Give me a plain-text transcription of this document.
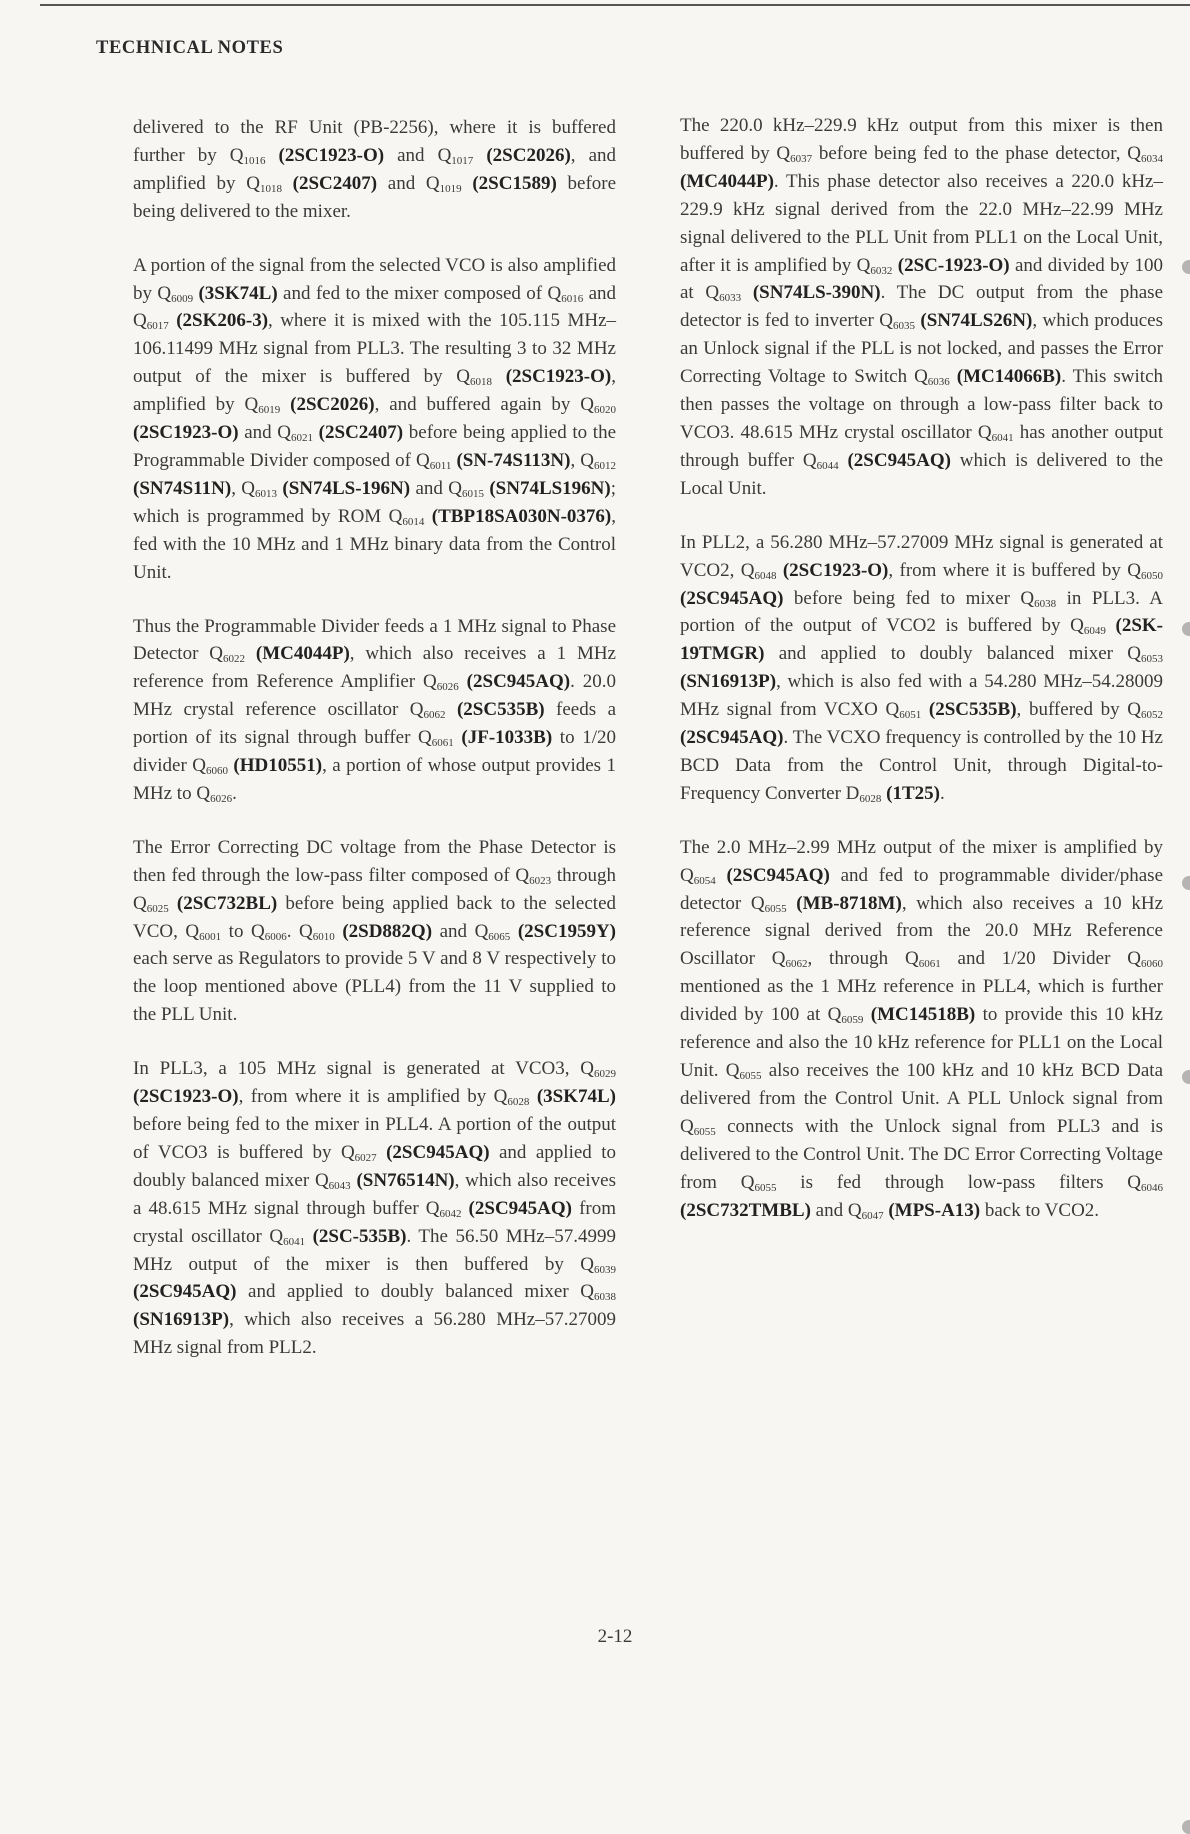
TECHNICAL NOTES

delivered to the RF Unit (PB-2256), where it is buffered further by $Q_{1016}$ (2SC1923-O) and $Q_{1017}$ (2SC2026), and amplified by $Q_{1018}$ (2SC2407) and $Q_{1019}$ (2SC1589) before being delivered to the mixer.

A portion of the signal from the selected VCO is also amplified by $Q_{6009}$ (3SK74L) and fed to the mixer composed of $Q_{6016}$ and $Q_{6017}$ (2SK206-3), where it is mixed with the 105.115 MHz–106.11499 MHz signal from PLL3. The resulting 3 to 32 MHz output of the mixer is buffered by $Q_{6018}$ (2SC1923-O), amplified by $Q_{6019}$ (2SC2026), and buffered again by $Q_{6020}$ (2SC1923-O) and $Q_{6021}$ (2SC2407) before being applied to the Programmable Divider composed of $Q_{6011}$ (SN-74S113N), $Q_{6012}$ (SN74S11N), $Q_{6013}$ (SN74LS-196N) and $Q_{6015}$ (SN74LS196N); which is programmed by ROM $Q_{6014}$ (TBP18SA030N-0376), fed with the 10 MHz and 1 MHz binary data from the Control Unit.

Thus the Programmable Divider feeds a 1 MHz signal to Phase Detector $Q_{6022}$ (MC4044P), which also receives a 1 MHz reference from Reference Amplifier $Q_{6026}$ (2SC945AQ). 20.0 MHz crystal reference oscillator $Q_{6062}$ (2SC535B) feeds a portion of its signal through buffer $Q_{6061}$ (JF-1033B) to 1/20 divider $Q_{6060}$ (HD10551), a portion of whose output provides 1 MHz to $Q_{6026}$.

The Error Correcting DC voltage from the Phase Detector is then fed through the low-pass filter composed of $Q_{6023}$ through $Q_{6025}$ (2SC732BL) before being applied back to the selected VCO, $Q_{6001}$ to $Q_{6006}$. $Q_{6010}$ (2SD882Q) and $Q_{6065}$ (2SC1959Y) each serve as Regulators to provide 5 V and 8 V respectively to the loop mentioned above (PLL4) from the 11 V supplied to the PLL Unit.

In PLL3, a 105 MHz signal is generated at VCO3, $Q_{6029}$ (2SC1923-O), from where it is amplified by $Q_{6028}$ (3SK74L) before being fed to the mixer in PLL4. A portion of the output of VCO3 is buffered by $Q_{6027}$ (2SC945AQ) and applied to doubly balanced mixer $Q_{6043}$ (SN76514N), which also receives a 48.615 MHz signal through buffer $Q_{6042}$ (2SC945AQ) from crystal oscillator $Q_{6041}$ (2SC-535B). The 56.50 MHz–57.4999 MHz output of the mixer is then buffered by $Q_{6039}$ (2SC945AQ) and applied to doubly balanced mixer $Q_{6038}$ (SN16913P), which also receives a 56.280 MHz–57.27009 MHz signal from PLL2.

The 220.0 kHz–229.9 kHz output from this mixer is then buffered by $Q_{6037}$ before being fed to the phase detector, $Q_{6034}$ (MC4044P). This phase detector also receives a 220.0 kHz–229.9 kHz signal derived from the 22.0 MHz–22.99 MHz signal delivered to the PLL Unit from PLL1 on the Local Unit, after it is amplified by $Q_{6032}$ (2SC-1923-O) and divided by 100 at $Q_{6033}$ (SN74LS-390N). The DC output from the phase detector is fed to inverter $Q_{6035}$ (SN74LS26N), which produces an Unlock signal if the PLL is not locked, and passes the Error Correcting Voltage to Switch $Q_{6036}$ (MC14066B). This switch then passes the voltage on through a low-pass filter back to VCO3. 48.615 MHz crystal oscillator $Q_{6041}$ has another output through buffer $Q_{6044}$ (2SC945AQ) which is delivered to the Local Unit.

In PLL2, a 56.280 MHz–57.27009 MHz signal is generated at VCO2, $Q_{6048}$ (2SC1923-O), from where it is buffered by $Q_{6050}$ (2SC945AQ) before being fed to mixer $Q_{6038}$ in PLL3. A portion of the output of VCO2 is buffered by $Q_{6049}$ (2SK-19TMGR) and applied to doubly balanced mixer $Q_{6053}$ (SN16913P), which is also fed with a 54.280 MHz–54.28009 MHz signal from VCXO $Q_{6051}$ (2SC535B), buffered by $Q_{6052}$ (2SC945AQ). The VCXO frequency is controlled by the 10 Hz BCD Data from the Control Unit, through Digital-to-Frequency Converter $D_{6028}$ (1T25).

The 2.0 MHz–2.99 MHz output of the mixer is amplified by $Q_{6054}$ (2SC945AQ) and fed to programmable divider/phase detector $Q_{6055}$ (MB-8718M), which also receives a 10 kHz reference signal derived from the 20.0 MHz Reference Oscillator $Q_{6062}$, through $Q_{6061}$ and 1/20 Divider $Q_{6060}$ mentioned as the 1 MHz reference in PLL4, which is further divided by 100 at $Q_{6059}$ (MC14518B) to provide this 10 kHz reference and also the 10 kHz reference for PLL1 on the Local Unit. $Q_{6055}$ also receives the 100 kHz and 10 kHz BCD Data delivered from the Control Unit. A PLL Unlock signal from $Q_{6055}$ connects with the Unlock signal from PLL3 and is delivered to the Control Unit. The DC Error Correcting Voltage from $Q_{6055}$ is fed through low-pass filters $Q_{6046}$ (2SC732TMBL) and $Q_{6047}$ (MPS-A13) back to VCO2.

2-12
